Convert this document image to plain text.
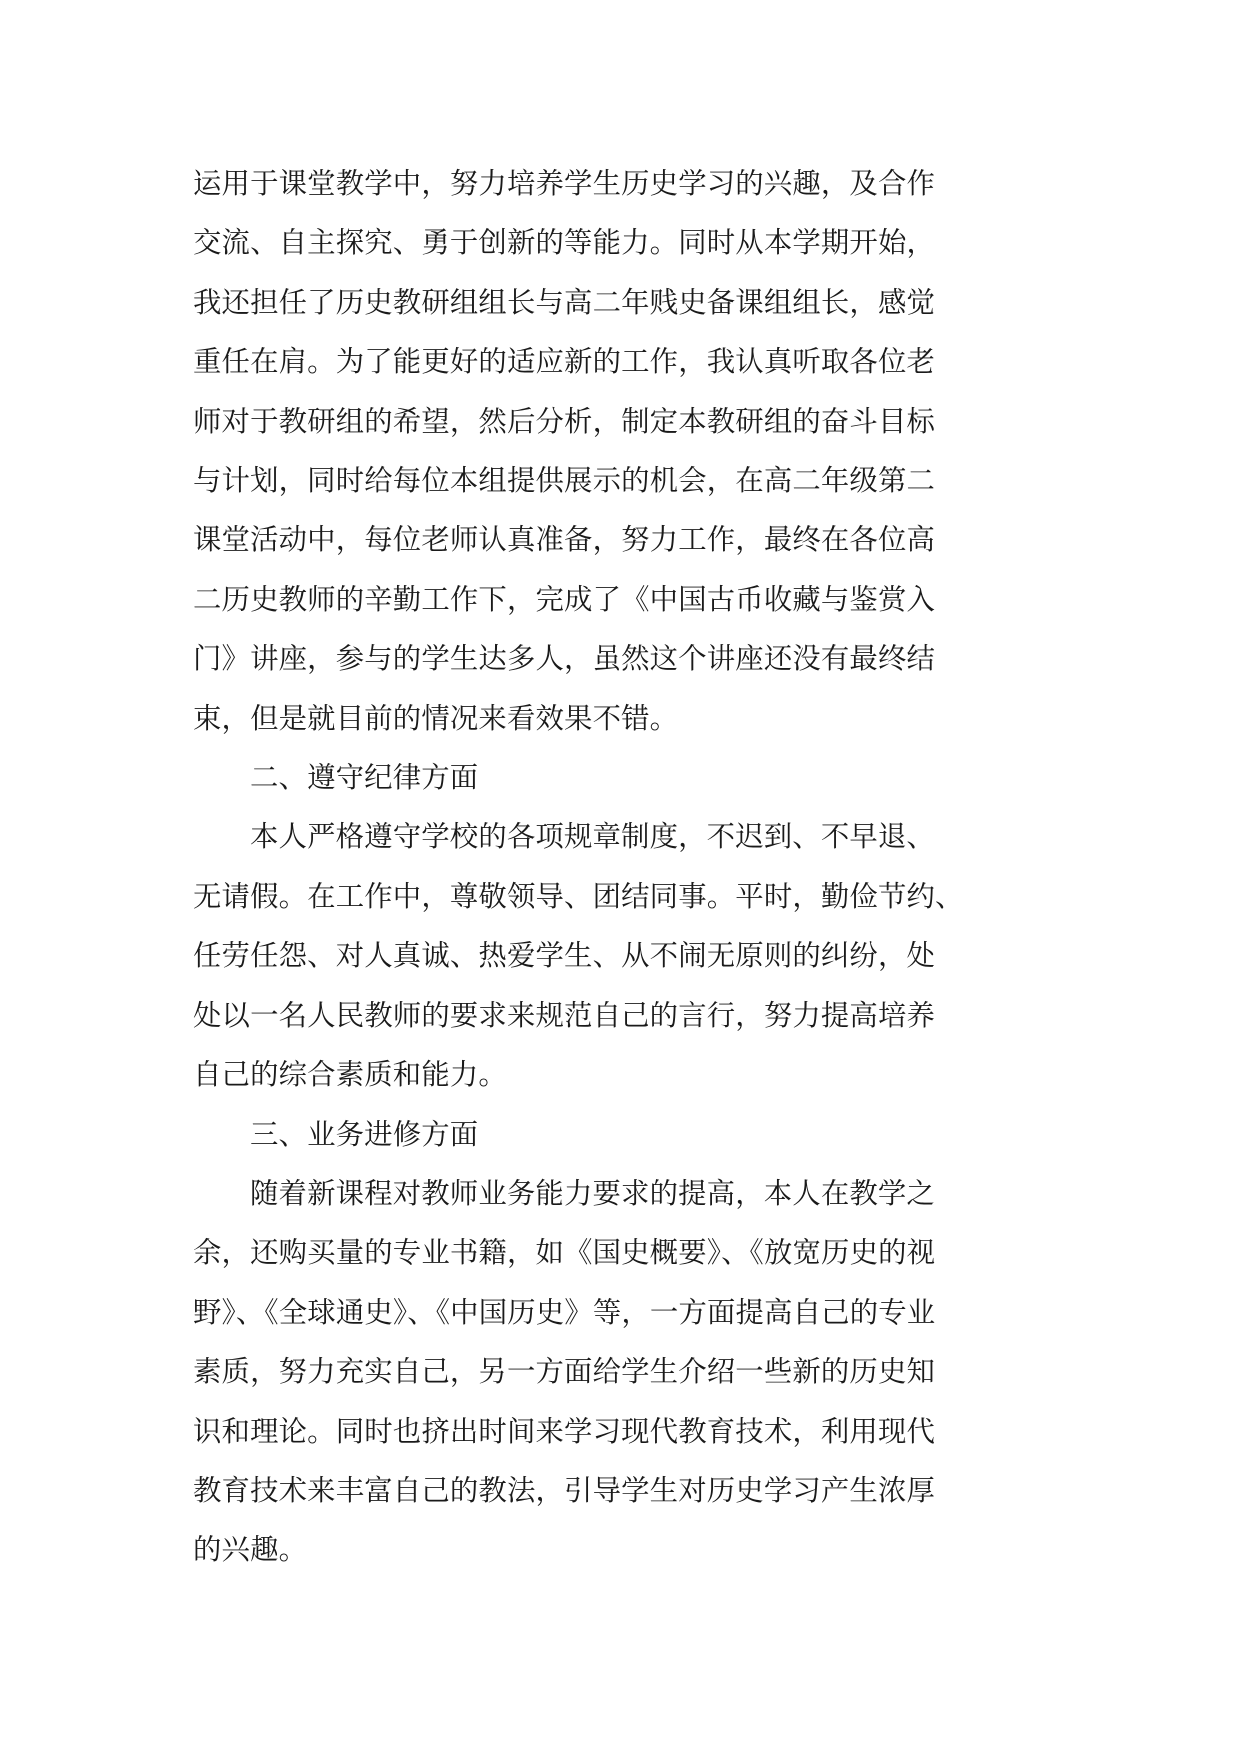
运用于课堂教学中，努力培养学生历史学习的兴趣，及合作

交流、自主探究、勇于创新的等能力。同时从本学期开始，

我还担任了历史教研组组长与高二年贱史备课组组长，感觉

重任在肩。为了能更好的适应新的工作，我认真听取各位老

师对于教研组的希望，然后分析，制定本教研组的奋斗目标

与计划，同时给每位本组提供展示的机会，在高二年级第二

课堂活动中，每位老师认真准备，努力工作，最终在各位高

二历史教师的辛勤工作下，完成了《中国古币收藏与鉴赏入

门》讲座，参与的学生达多人，虽然这个讲座还没有最终结

束，但是就目前的情况来看效果不错。

二、遵守纪律方面

本人严格遵守学校的各项规章制度，不迟到、不早退、

无请假。在工作中，尊敬领导、团结同事。平时，勤俭节约、

任劳任怨、对人真诚、热爱学生、从不闹无原则的纠纷，处

处以一名人民教师的要求来规范自己的言行，努力提高培养

自己的综合素质和能力。

三、业务进修方面

随着新课程对教师业务能力要求的提高，本人在教学之

余，还购买量的专业书籍，如《国史概要》、《放宽历史的视

野》、《全球通史》、《中国历史》等，一方面提高自己的专业

素质，努力充实自己，另一方面给学生介绍一些新的历史知

识和理论。同时也挤出时间来学习现代教育技术，利用现代

教育技术来丰富自己的教法，引导学生对历史学习产生浓厚

的兴趣。
